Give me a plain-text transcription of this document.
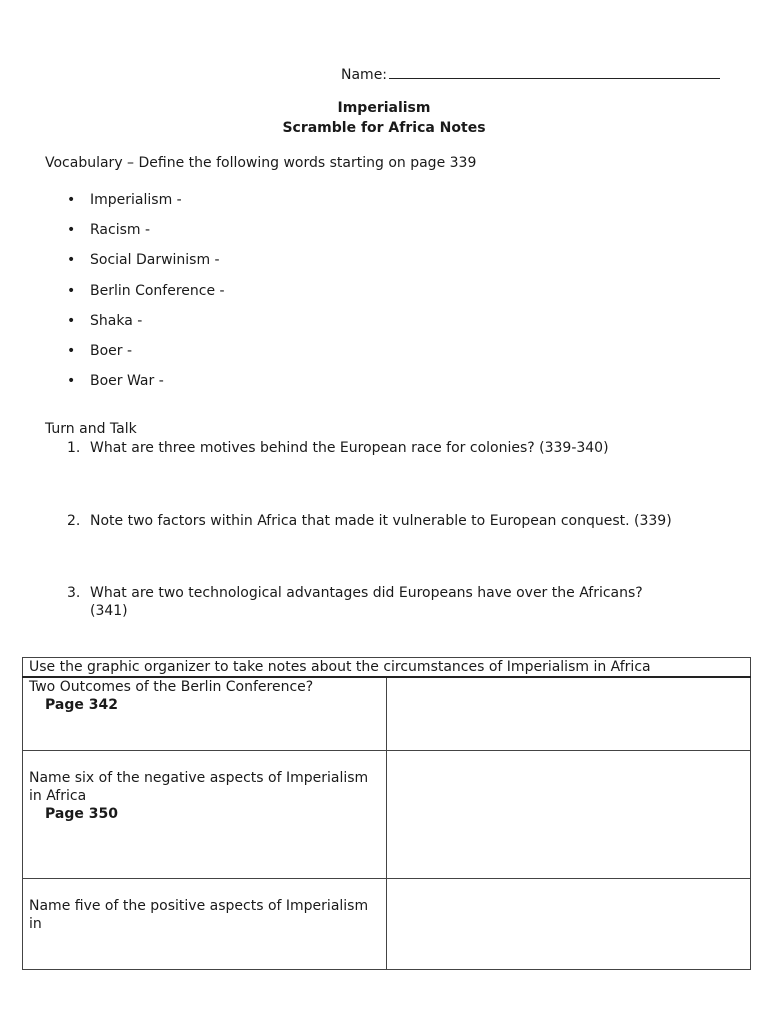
Name:
Imperialism
Scramble for Africa Notes
Vocabulary – Define the following words starting on page 339
• Imperialism -
• Racism -
• Social Darwinism -
• Berlin Conference -
• Shaka -
• Boer -
• Boer War -
Turn and Talk
1. What are three motives behind the European race for colonies? (339-340)
2. Note two factors within Africa that made it vulnerable to European conquest. (339)
3. What are two technological advantages did Europeans have over the Africans?
(341)
Use the graphic organizer to take notes about the circumstances of Imperialism in Africa	

Two Outcomes of the Berlin Conference?
Page 342	

Name six of the negative aspects of Imperialism in Africa
Page 350	

Name five of the positive aspects of Imperialism in	
